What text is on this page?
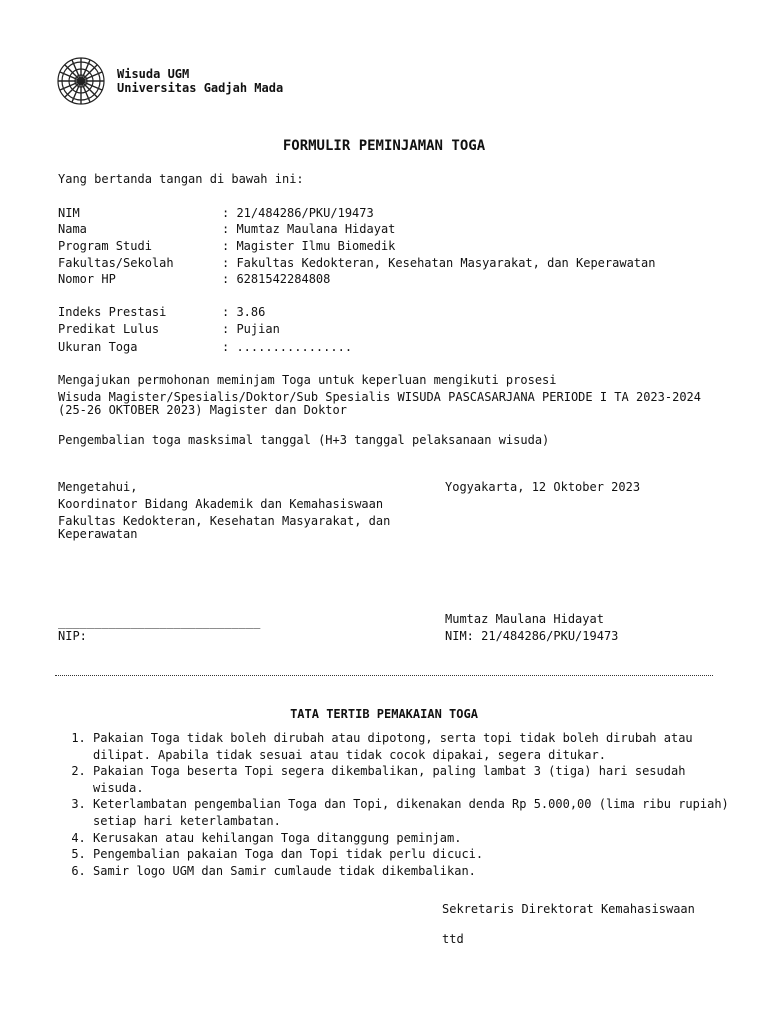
Wisuda UGM
Universitas Gadjah Mada
FORMULIR PEMINJAMAN TOGA
Yang bertanda tangan di bawah ini:
NIM	: 21/484286/PKU/19473
Nama	: Mumtaz Maulana Hidayat
Program Studi	: Magister Ilmu Biomedik
Fakultas/Sekolah	: Fakultas Kedokteran, Kesehatan Masyarakat, dan Keperawatan
Nomor HP	: 6281542284808
Indeks Prestasi	: 3.86
Predikat Lulus	: Pujian
Ukuran Toga	: ................
Mengajukan permohonan meminjam Toga untuk keperluan mengikuti prosesi
Wisuda Magister/Spesialis/Doktor/Sub Spesialis WISUDA PASCASARJANA PERIODE I TA 2023-2024
(25-26 OKTOBER 2023) Magister dan Doktor
Pengembalian toga masksimal tanggal (H+3 tanggal pelaksanaan wisuda)
Mengetahui,	Yogyakarta, 12 Oktober 2023
Koordinator Bidang Akademik dan Kemahasiswaan
Fakultas Kedokteran, Kesehatan Masyarakat, dan
Keperawatan
Mumtaz Maulana Hidayat
____________________________
NIP:	NIM: 21/484286/PKU/19473
TATA TERTIB PEMAKAIAN TOGA
1. Pakaian Toga tidak boleh dirubah atau dipotong, serta topi tidak boleh dirubah atau dilipat. Apabila tidak sesuai atau tidak cocok dipakai, segera ditukar.
2. Pakaian Toga beserta Topi segera dikembalikan, paling lambat 3 (tiga) hari sesudah wisuda.
3. Keterlambatan pengembalian Toga dan Topi, dikenakan denda Rp 5.000,00 (lima ribu rupiah) setiap hari keterlambatan.
4. Kerusakan atau kehilangan Toga ditanggung peminjam.
5. Pengembalian pakaian Toga dan Topi tidak perlu dicuci.
6. Samir logo UGM dan Samir cumlaude tidak dikembalikan.
Sekretaris Direktorat Kemahasiswaan
ttd
